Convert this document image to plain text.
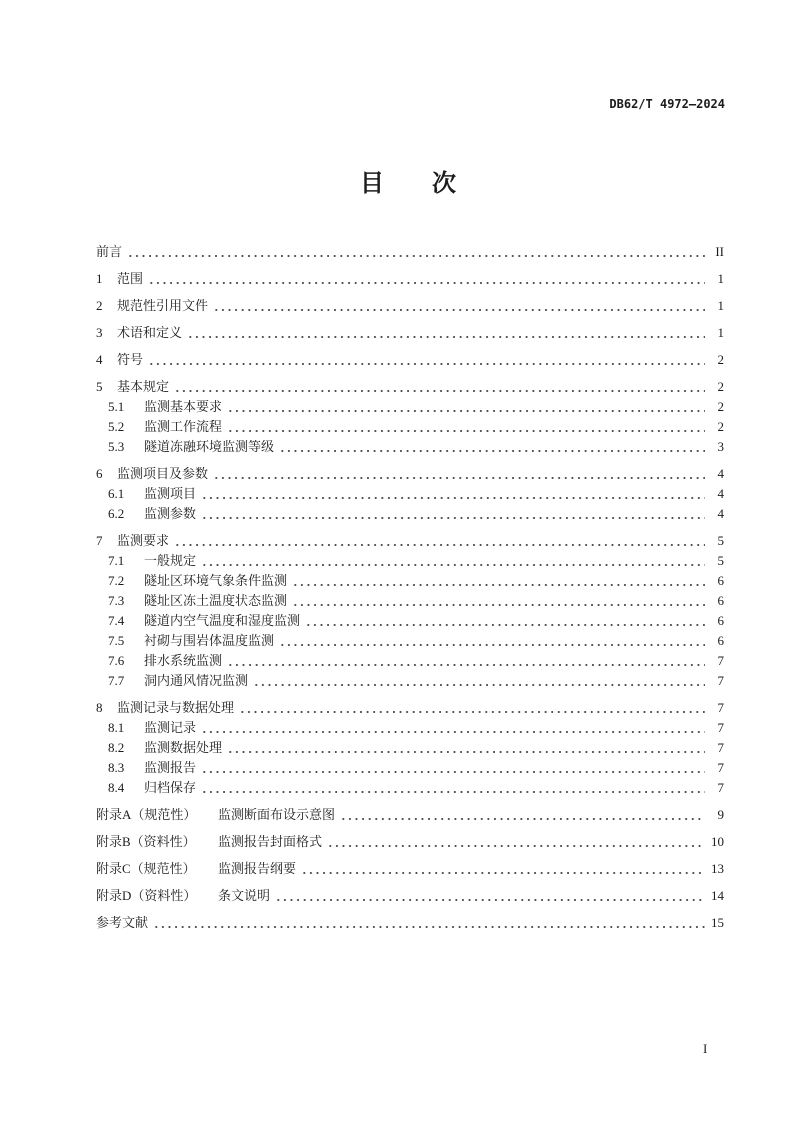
DB62/T 4972—2024
目　　次
前言	II
1	范围	1
2	规范性引用文件	1
3	术语和定义	1
4	符号	2
5	基本规定	2
5.1	监测基本要求	2
5.2	监测工作流程	2
5.3	隧道冻融环境监测等级	3
6	监测项目及参数	4
6.1	监测项目	4
6.2	监测参数	4
7	监测要求	5
7.1	一般规定	5
7.2	隧址区环境气象条件监测	6
7.3	隧址区冻土温度状态监测	6
7.4	隧道内空气温度和湿度监测	6
7.5	衬砌与围岩体温度监测	6
7.6	排水系统监测	7
7.7	洞内通风情况监测	7
8	监测记录与数据处理	7
8.1	监测记录	7
8.2	监测数据处理	7
8.3	监测报告	7
8.4	归档保存	7
附录A（规范性）	监测断面布设示意图	9
附录B（资料性）	监测报告封面格式	10
附录C（规范性）	监测报告纲要	13
附录D（资料性）	条文说明	14
参考文献	15
I
